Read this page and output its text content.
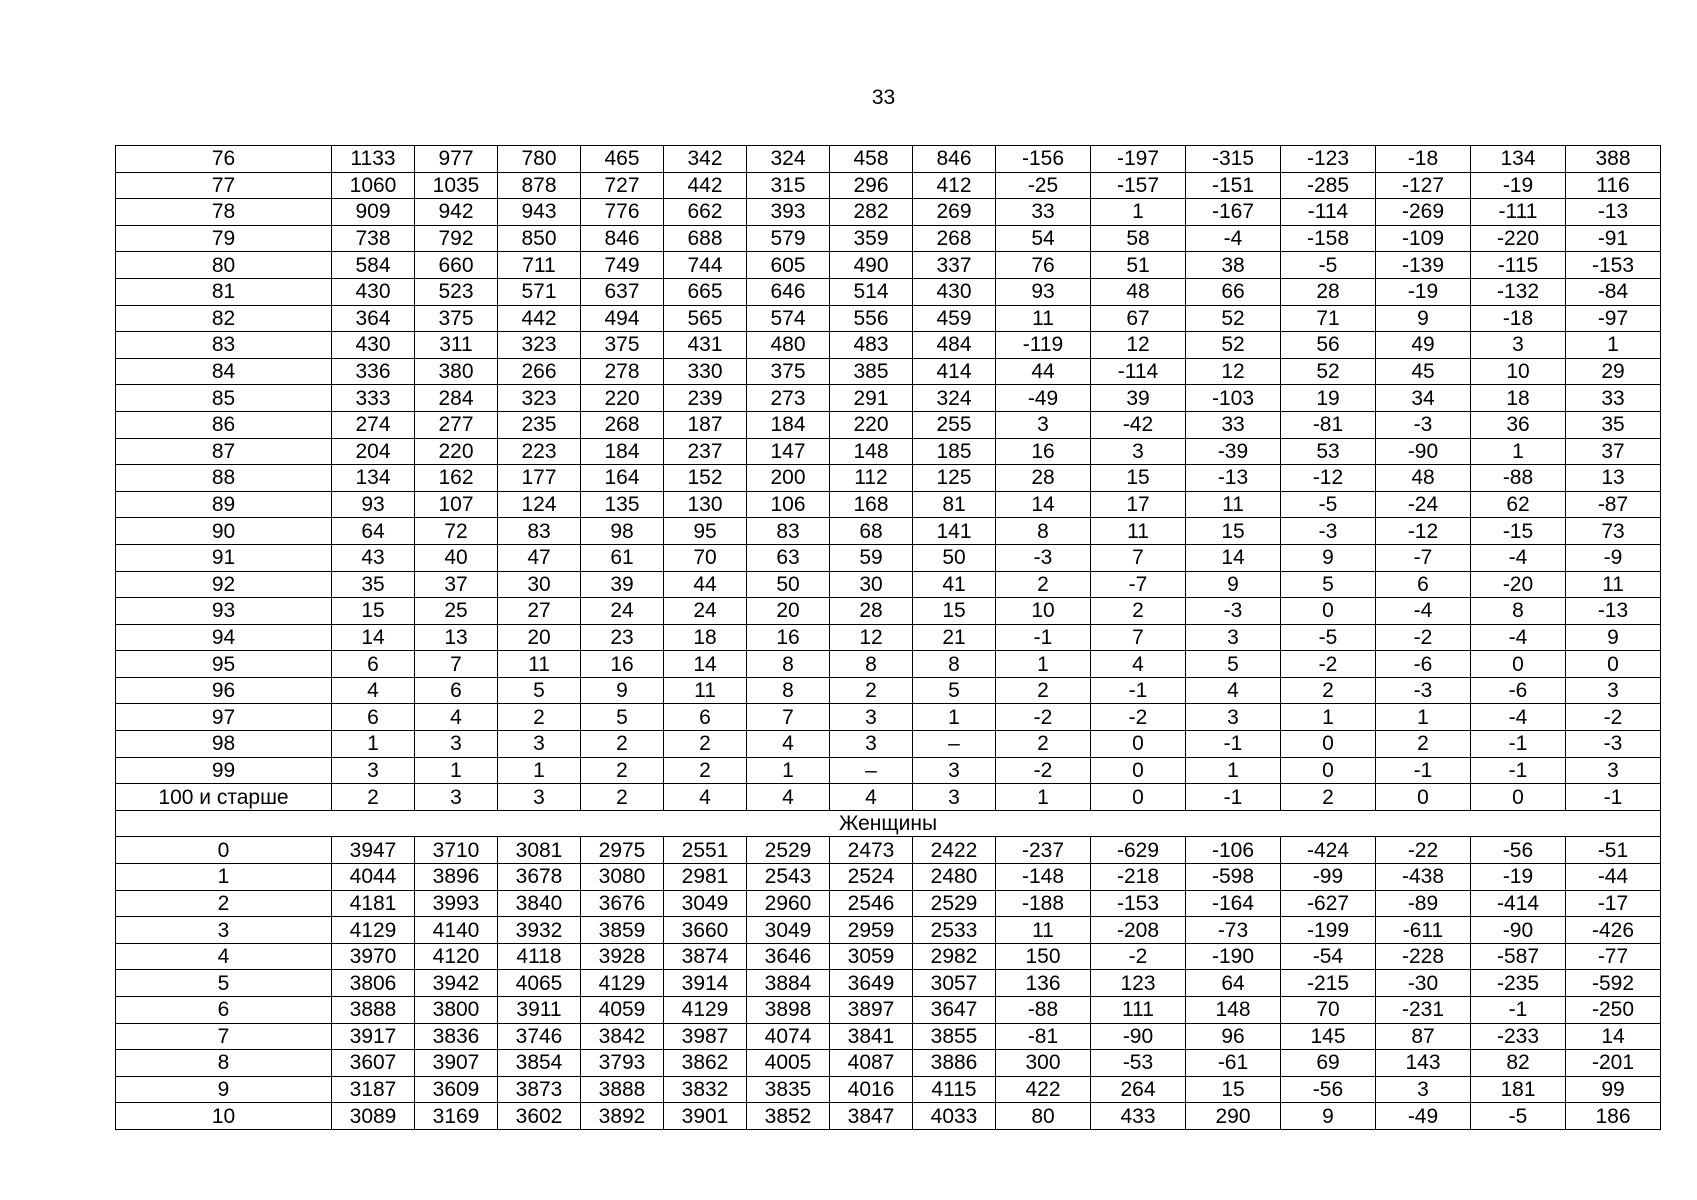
33
76	1133	977	780	465	342	324	458	846	-156	-197	-315	-123	-18	134	388
77	1060	1035	878	727	442	315	296	412	-25	-157	-151	-285	-127	-19	116
78	909	942	943	776	662	393	282	269	33	1	-167	-114	-269	-111	-13
79	738	792	850	846	688	579	359	268	54	58	-4	-158	-109	-220	-91
80	584	660	711	749	744	605	490	337	76	51	38	-5	-139	-115	-153
81	430	523	571	637	665	646	514	430	93	48	66	28	-19	-132	-84
82	364	375	442	494	565	574	556	459	11	67	52	71	9	-18	-97
83	430	311	323	375	431	480	483	484	-119	12	52	56	49	3	1
84	336	380	266	278	330	375	385	414	44	-114	12	52	45	10	29
85	333	284	323	220	239	273	291	324	-49	39	-103	19	34	18	33
86	274	277	235	268	187	184	220	255	3	-42	33	-81	-3	36	35
87	204	220	223	184	237	147	148	185	16	3	-39	53	-90	1	37
88	134	162	177	164	152	200	112	125	28	15	-13	-12	48	-88	13
89	93	107	124	135	130	106	168	81	14	17	11	-5	-24	62	-87
90	64	72	83	98	95	83	68	141	8	11	15	-3	-12	-15	73
91	43	40	47	61	70	63	59	50	-3	7	14	9	-7	-4	-9
92	35	37	30	39	44	50	30	41	2	-7	9	5	6	-20	11
93	15	25	27	24	24	20	28	15	10	2	-3	0	-4	8	-13
94	14	13	20	23	18	16	12	21	-1	7	3	-5	-2	-4	9
95	6	7	11	16	14	8	8	8	1	4	5	-2	-6	0	0
96	4	6	5	9	11	8	2	5	2	-1	4	2	-3	-6	3
97	6	4	2	5	6	7	3	1	-2	-2	3	1	1	-4	-2
98	1	3	3	2	2	4	3	–	2	0	-1	0	2	-1	-3
99	3	1	1	2	2	1	–	3	-2	0	1	0	-1	-1	3
100 и старше	2	3	3	2	4	4	4	3	1	0	-1	2	0	0	-1
Женщины															
0	3947	3710	3081	2975	2551	2529	2473	2422	-237	-629	-106	-424	-22	-56	-51
1	4044	3896	3678	3080	2981	2543	2524	2480	-148	-218	-598	-99	-438	-19	-44
2	4181	3993	3840	3676	3049	2960	2546	2529	-188	-153	-164	-627	-89	-414	-17
3	4129	4140	3932	3859	3660	3049	2959	2533	11	-208	-73	-199	-611	-90	-426
4	3970	4120	4118	3928	3874	3646	3059	2982	150	-2	-190	-54	-228	-587	-77
5	3806	3942	4065	4129	3914	3884	3649	3057	136	123	64	-215	-30	-235	-592
6	3888	3800	3911	4059	4129	3898	3897	3647	-88	111	148	70	-231	-1	-250
7	3917	3836	3746	3842	3987	4074	3841	3855	-81	-90	96	145	87	-233	14
8	3607	3907	3854	3793	3862	4005	4087	3886	300	-53	-61	69	143	82	-201
9	3187	3609	3873	3888	3832	3835	4016	4115	422	264	15	-56	3	181	99
10	3089	3169	3602	3892	3901	3852	3847	4033	80	433	290	9	-49	-5	186
